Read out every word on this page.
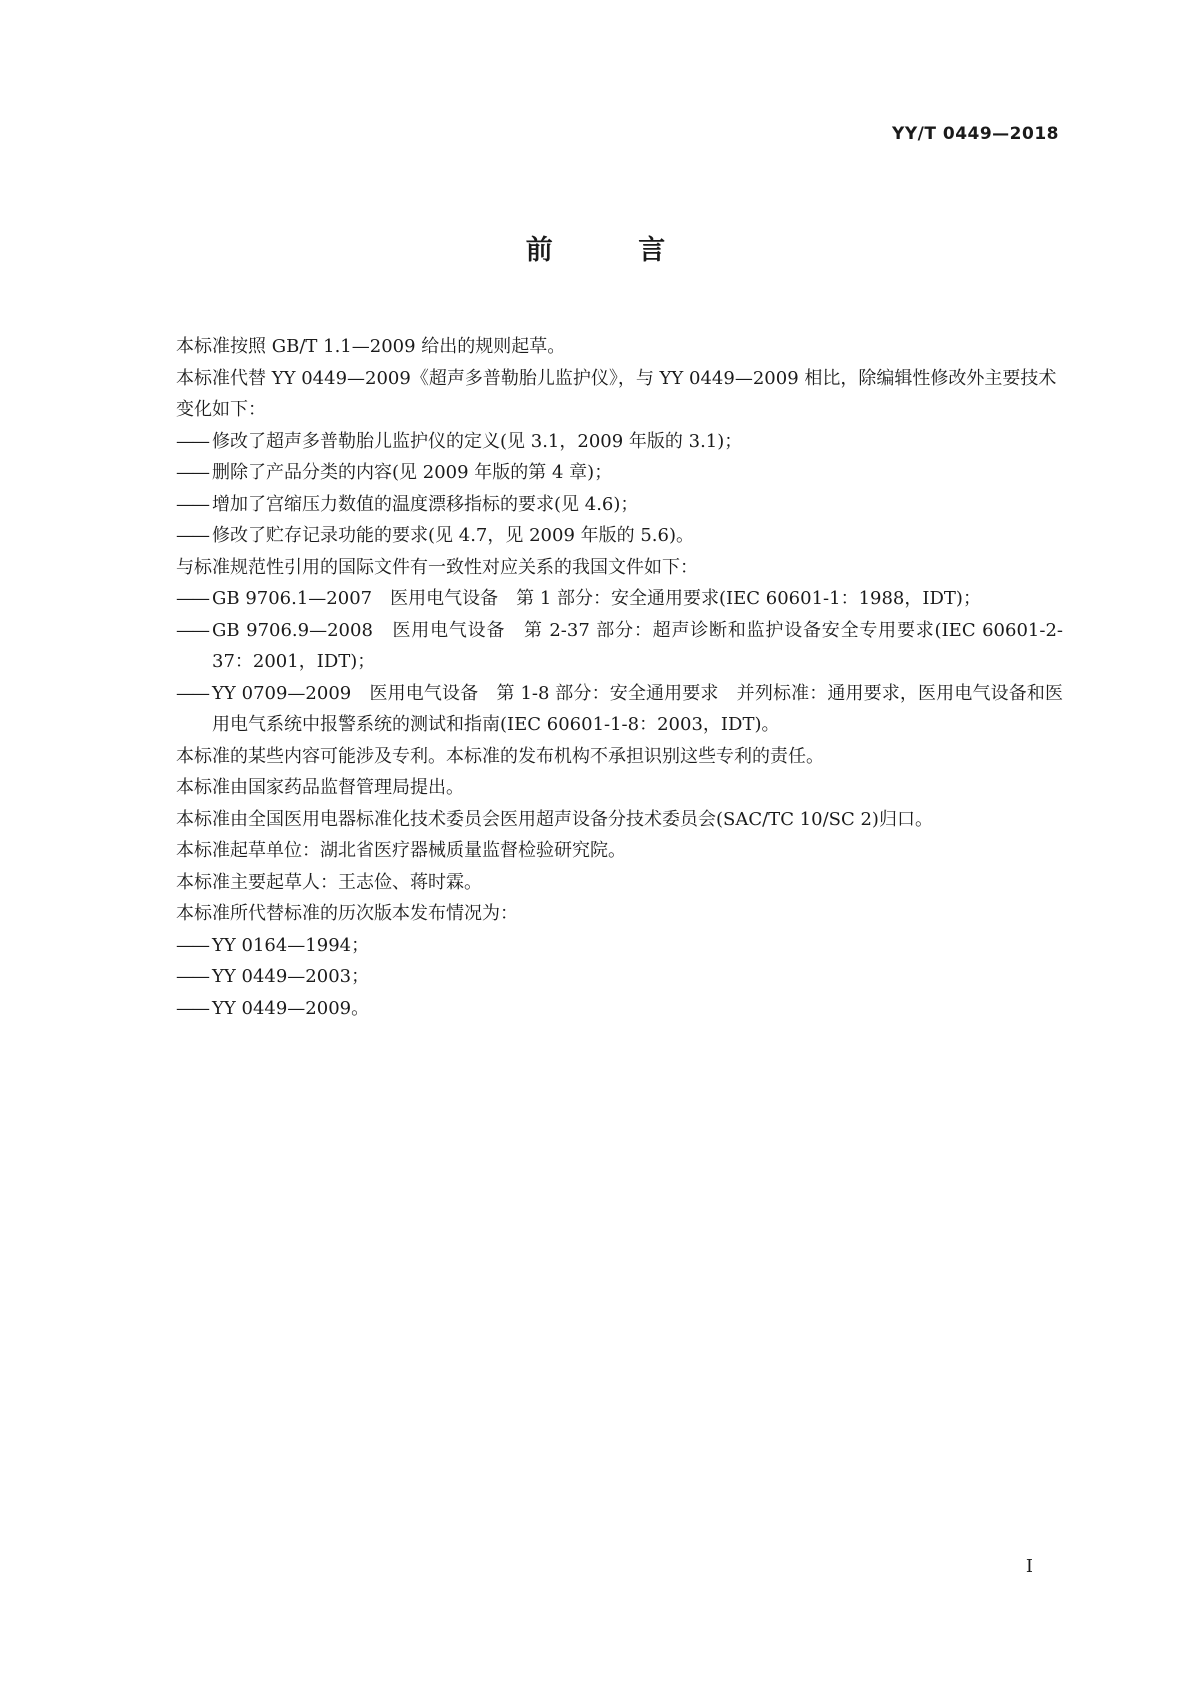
YY/T 0449—2018
前 言

本标准按照 GB/T 1.1—2009 给出的规则起草。

本标准代替 YY 0449—2009《超声多普勒胎儿监护仪》，与 YY 0449—2009 相比，除编辑性修改外主要技术变化如下：

—— 修改了超声多普勒胎儿监护仪的定义(见 3.1，2009 年版的 3.1)；
—— 删除了产品分类的内容(见 2009 年版的第 4 章)；
—— 增加了宫缩压力数值的温度漂移指标的要求(见 4.6)；
—— 修改了贮存记录功能的要求(见 4.7，见 2009 年版的 5.6)。

与标准规范性引用的国际文件有一致性对应关系的我国文件如下：

—— GB 9706.1—2007　医用电气设备　第 1 部分：安全通用要求(IEC 60601-1：1988，IDT)；
—— GB 9706.9—2008　医用电气设备　第 2-37 部分：超声诊断和监护设备安全专用要求(IEC 60601-2-37：2001，IDT)；
—— YY 0709—2009　医用电气设备　第 1-8 部分：安全通用要求　并列标准：通用要求，医用电气设备和医用电气系统中报警系统的测试和指南(IEC 60601-1-8：2003，IDT)。

本标准的某些内容可能涉及专利。本标准的发布机构不承担识别这些专利的责任。

本标准由国家药品监督管理局提出。

本标准由全国医用电器标准化技术委员会医用超声设备分技术委员会(SAC/TC 10/SC 2)归口。

本标准起草单位：湖北省医疗器械质量监督检验研究院。

本标准主要起草人：王志俭、蒋时霖。

本标准所代替标准的历次版本发布情况为：

—— YY 0164—1994；
—— YY 0449—2003；
—— YY 0449—2009。
I
